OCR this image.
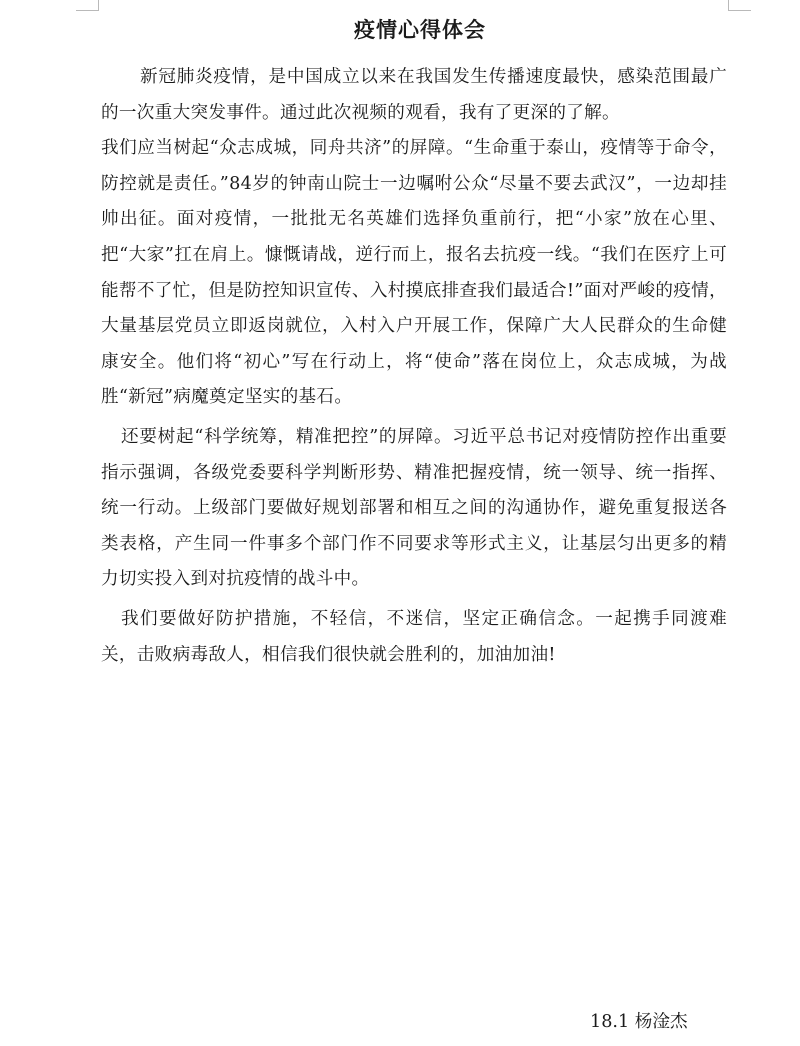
疫情心得体会

新冠肺炎疫情，是中国成立以来在我国发生传播速度最快，感染范围最广的一次重大突发事件。通过此次视频的观看，我有了更深的了解。

我们应当树起“众志成城，同舟共济”的屏障。“生命重于泰山，疫情等于命令，防控就是责任。”84岁的钟南山院士一边嘱咐公众“尽量不要去武汉”，一边却挂帅出征。面对疫情，一批批无名英雄们选择负重前行，把“小家”放在心里、把“大家”扛在肩上。慷慨请战，逆行而上，报名去抗疫一线。“我们在医疗上可能帮不了忙，但是防控知识宣传、入村摸底排查我们最适合!”面对严峻的疫情，大量基层党员立即返岗就位，入村入户开展工作，保障广大人民群众的生命健康安全。他们将“初心”写在行动上，将“使命”落在岗位上，众志成城，为战胜“新冠”病魔奠定坚实的基石。

还要树起“科学统筹，精准把控”的屏障。习近平总书记对疫情防控作出重要指示强调，各级党委要科学判断形势、精准把握疫情，统一领导、统一指挥、统一行动。上级部门要做好规划部署和相互之间的沟通协作，避免重复报送各类表格，产生同一件事多个部门作不同要求等形式主义，让基层匀出更多的精力切实投入到对抗疫情的战斗中。

我们要做好防护措施，不轻信，不迷信，坚定正确信念。一起携手同渡难关，击败病毒敌人，相信我们很快就会胜利的，加油加油!

18.1 杨淦杰
